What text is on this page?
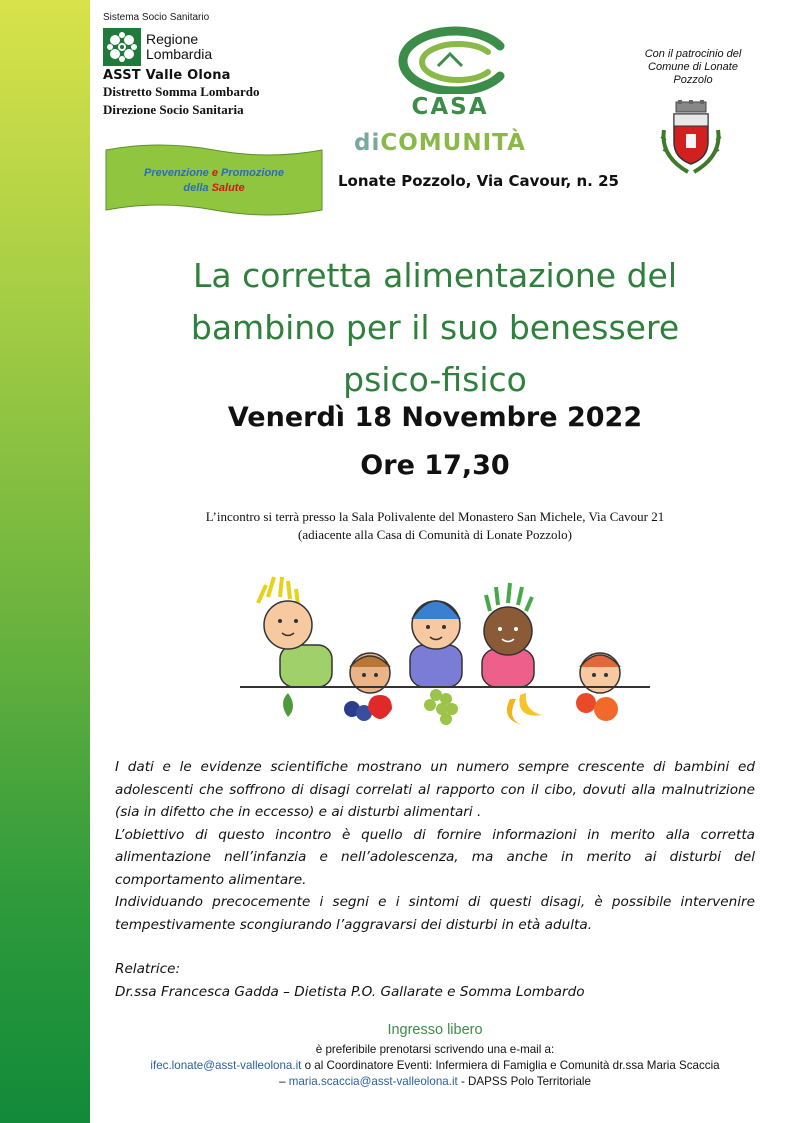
Sistema Socio Sanitario
Regione
Lombardia
ASST Valle Olona
Distretto Somma Lombardo
Direzione Socio Sanitaria
Prevenzione e Promozione
della Salute
CASA
diCOMUNITÀ
Lonate Pozzolo, Via Cavour, n. 25
Con il patrocinio del
Comune di Lonate
Pozzolo
La corretta alimentazione del
bambino per il suo benessere
psico-fisico
Venerdì 18 Novembre 2022
Ore 17,30
L’incontro si terrà presso la Sala Polivalente del Monastero San Michele, Via Cavour 21
(adiacente alla Casa di Comunità di Lonate Pozzolo)

I dati e le evidenze scientifiche mostrano un numero sempre crescente di bambini ed adolescenti che soffrono di disagi correlati al rapporto con il cibo, dovuti alla malnutrizione (sia in difetto che in eccesso) e ai disturbi alimentari .

L’obiettivo di questo incontro è quello di fornire informazioni in merito alla corretta alimentazione nell’infanzia e nell’adolescenza, ma anche in merito ai disturbi del comportamento alimentare.

Individuando precocemente i segni e i sintomi di questi disagi, è possibile intervenire tempestivamente scongiurando l’aggravarsi dei disturbi in età adulta.

Relatrice:
Dr.ssa Francesca Gadda – Dietista P.O. Gallarate e Somma Lombardo
Ingresso libero
è preferibile prenotarsi scrivendo una e-mail a:
ifec.lonate@asst-valleolona.it o al Coordinatore Eventi: Infermiera di Famiglia e Comunità dr.ssa Maria Scaccia
– maria.scaccia@asst-valleolona.it - DAPSS Polo Territoriale
